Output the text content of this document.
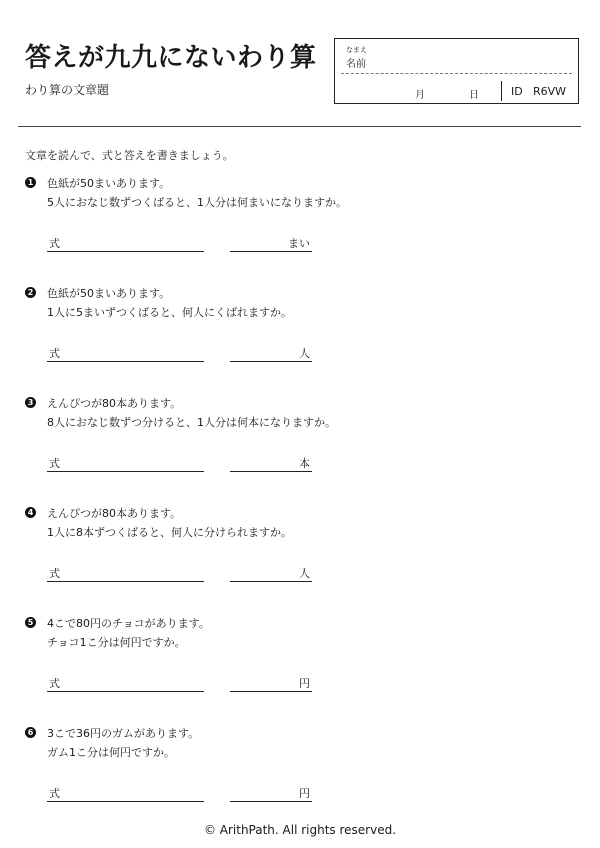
答えが九九にないわり算
わり算の文章題
なまえ
名前
月	日	ID R6VW
文章を読んで、式と答えを書きましょう。
1 色紙が50まいあります。
5人におなじ数ずつくばると、1人分は何まいになりますか。
式	まい
2 色紙が50まいあります。
1人に5まいずつくばると、何人にくばれますか。
式	人
3 えんぴつが80本あります。
8人におなじ数ずつ分けると、1人分は何本になりますか。
式	本
4 えんぴつが80本あります。
1人に8本ずつくばると、何人に分けられますか。
式	人
5 4こで80円のチョコがあります。
チョコ1こ分は何円ですか。
式	円
6 3こで36円のガムがあります。
ガム1こ分は何円ですか。
式	円
© ArithPath. All rights reserved.
